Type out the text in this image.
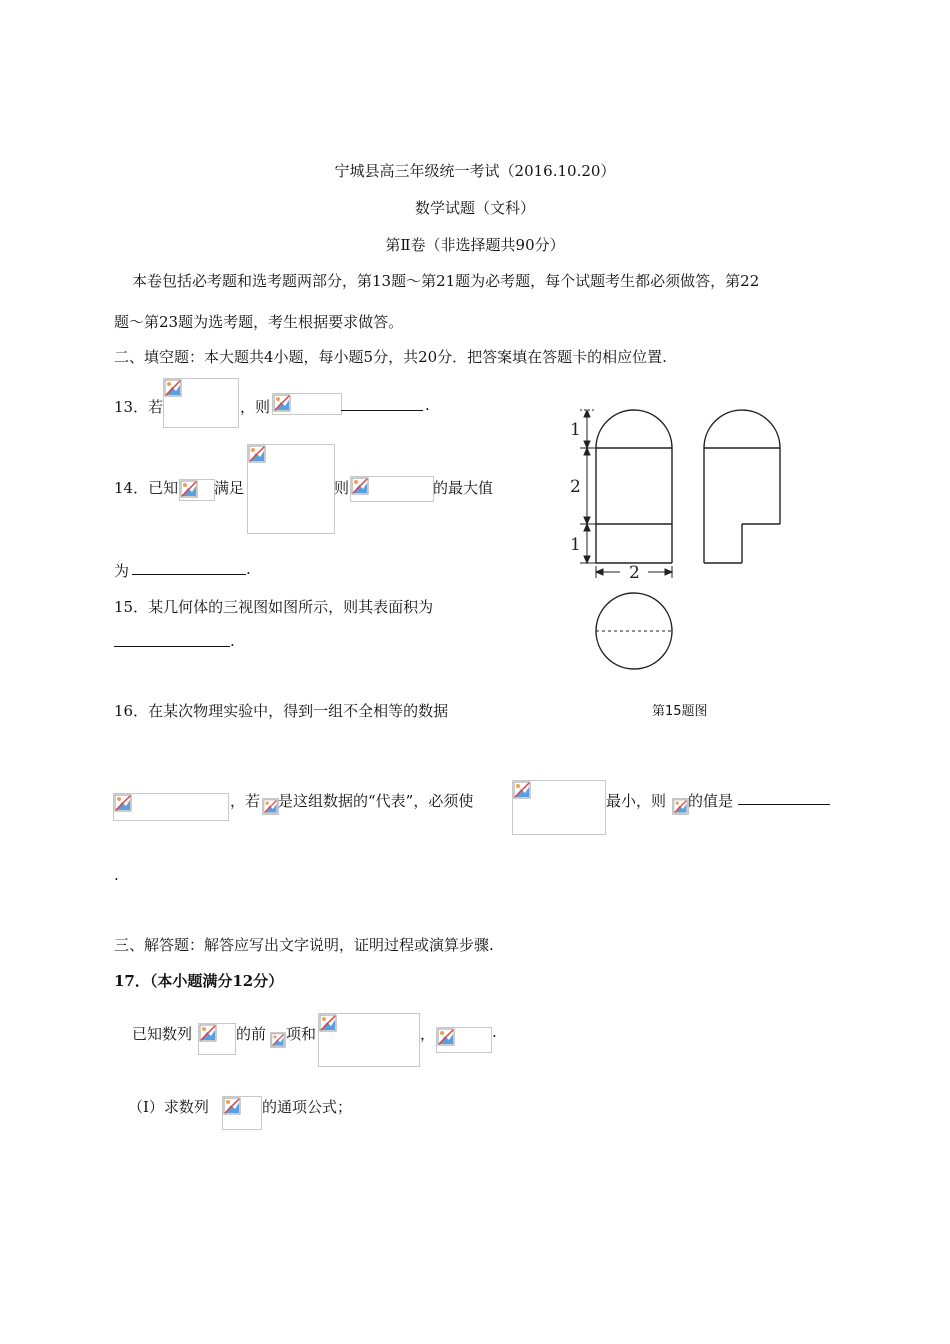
宁城县高三年级统一考试（2016.10.20）
数学试题（文科）
第Ⅱ卷（非选择题共90分）
本卷包括必考题和选考题两部分，第13题～第21题为必考题，每个试题考生都必须做答，第22
题～第23题为选考题，考生根据要求做答。
二、填空题：本大题共4小题，每小题5分，共20分．把答案填在答题卡的相应位置.
13．若	，则	.
14．已知 满足	则	的最大值
为	.
15．某几何体的三视图如图所示，则其表面积为
.
1
2
1
2
第15题图
16．在某次物理实验中，得到一组不全相等的数据
，若 是这组数据的“代表”，必须使	最小，则 的值是
.
三、解答题：解答应写出文字说明，证明过程或演算步骤.
17．（本小题满分12分）
已知数列	的前 项和	，	.
（Ⅰ）求数列	的通项公式；
